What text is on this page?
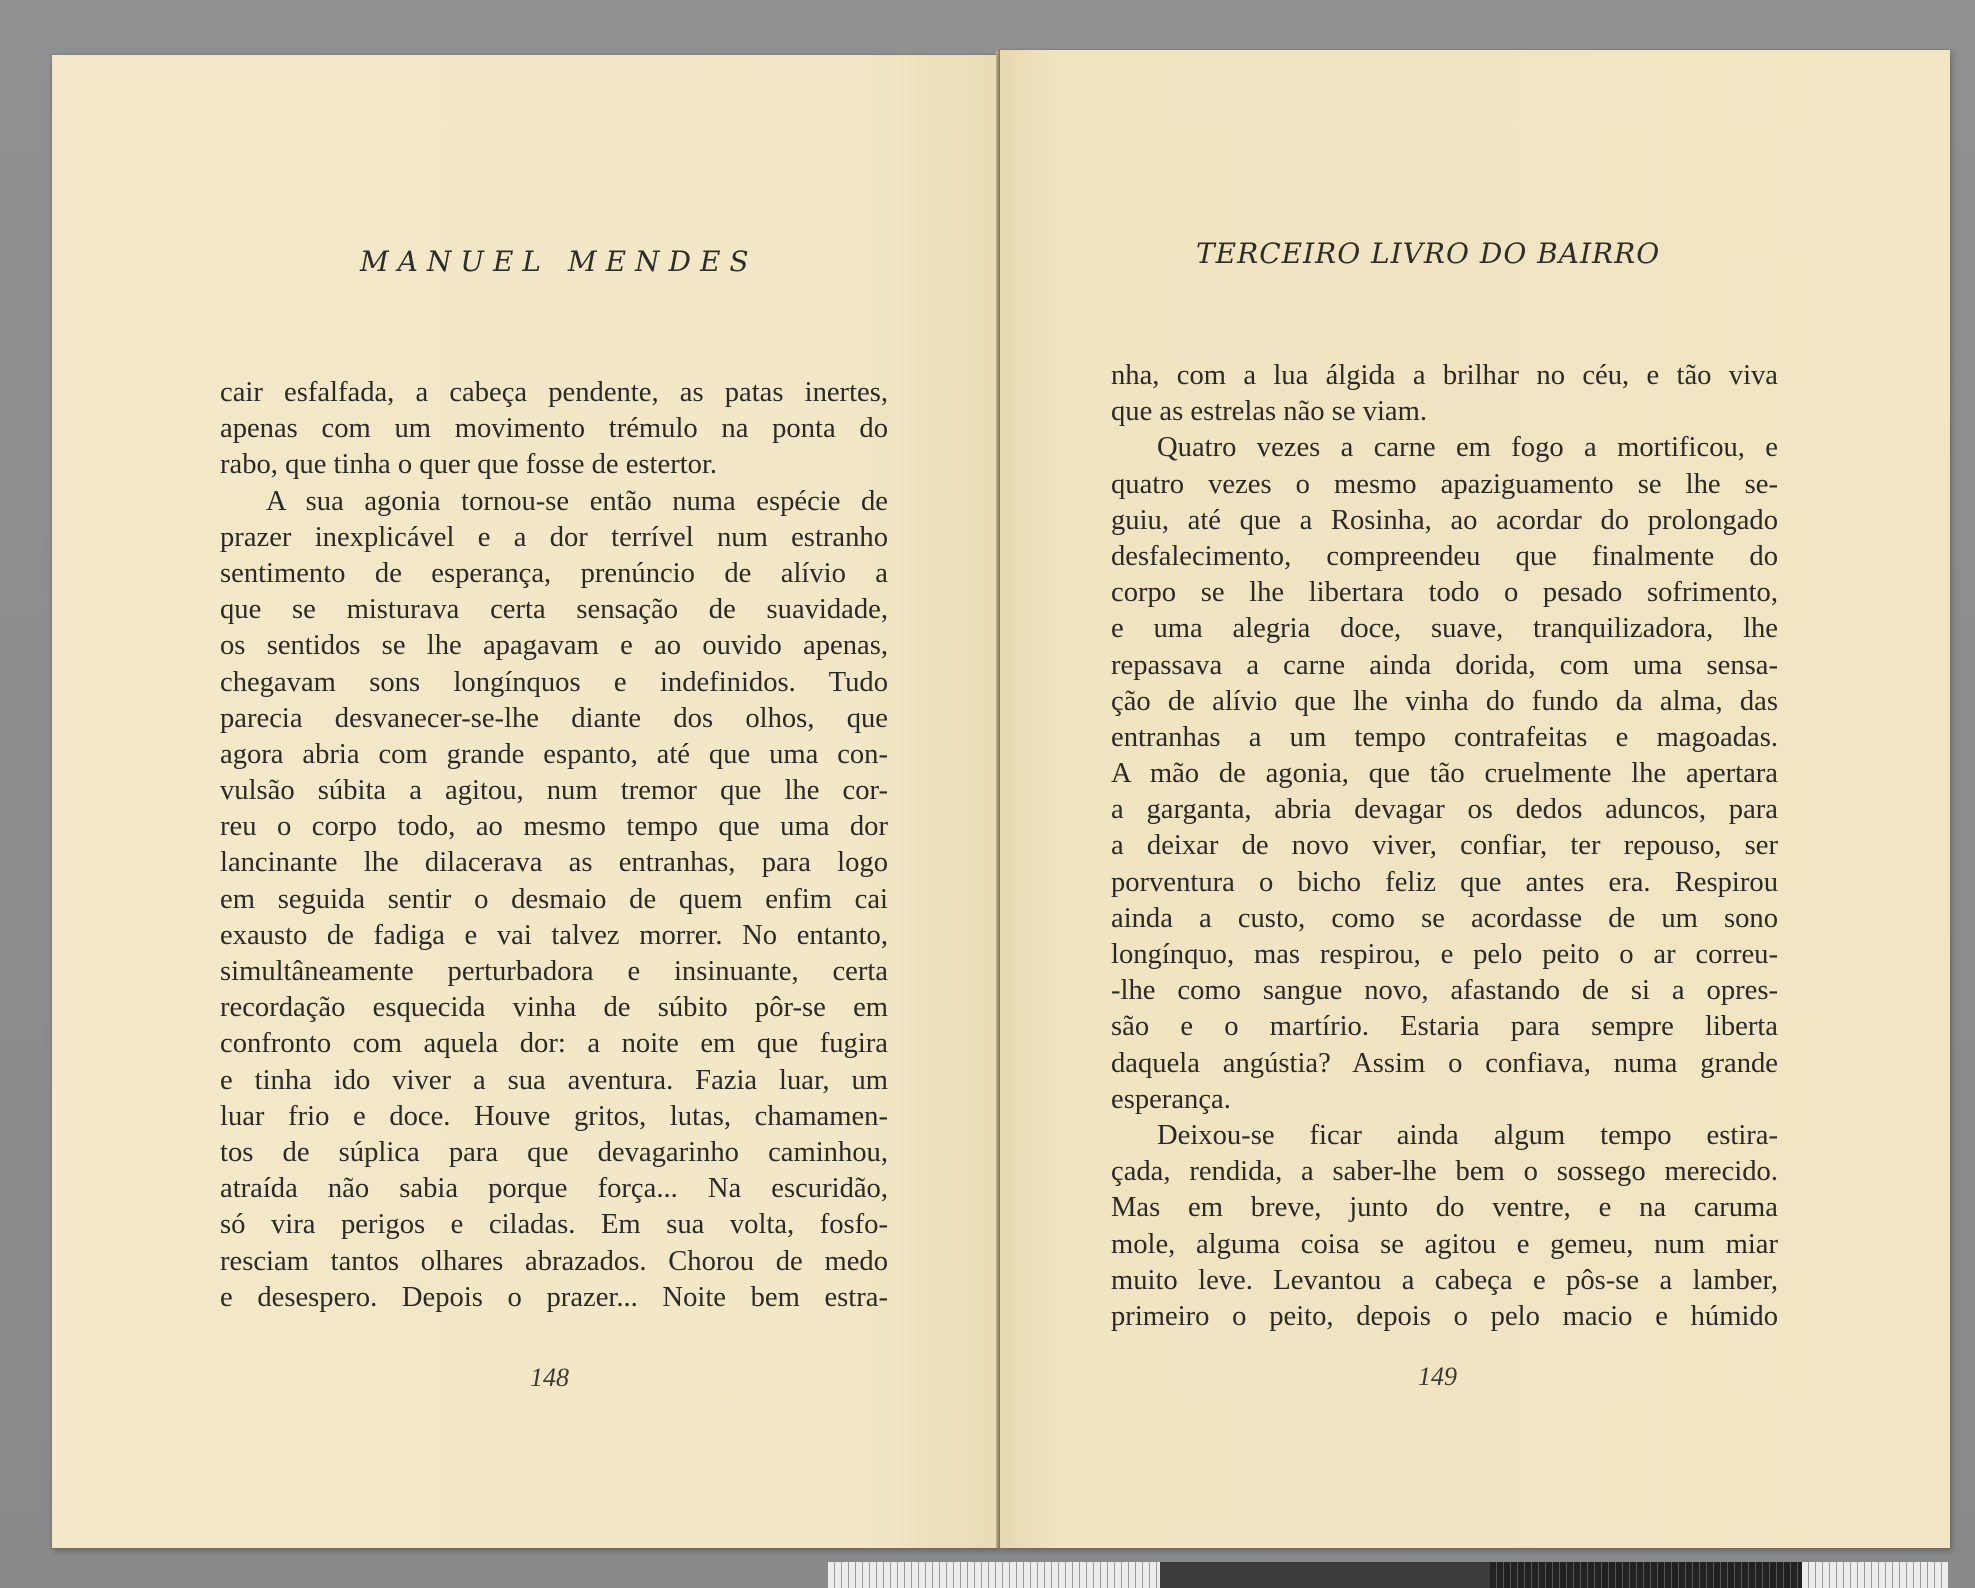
MANUEL MENDES
cair esfalfada, a cabeça pendente, as patas inertes,
apenas com um movimento trémulo na ponta do
rabo, que tinha o quer que fosse de estertor.
A sua agonia tornou-se então numa espécie de
prazer inexplicável e a dor terrível num estranho
sentimento de esperança, prenúncio de alívio a
que se misturava certa sensação de suavidade,
os sentidos se lhe apagavam e ao ouvido apenas,
chegavam sons longínquos e indefinidos. Tudo
parecia desvanecer-se-lhe diante dos olhos, que
agora abria com grande espanto, até que uma con-
vulsão súbita a agitou, num tremor que lhe cor-
reu o corpo todo, ao mesmo tempo que uma dor
lancinante lhe dilacerava as entranhas, para logo
em seguida sentir o desmaio de quem enfim cai
exausto de fadiga e vai talvez morrer. No entanto,
simultâneamente perturbadora e insinuante, certa
recordação esquecida vinha de súbito pôr-se em
confronto com aquela dor: a noite em que fugira
e tinha ido viver a sua aventura. Fazia luar, um
luar frio e doce. Houve gritos, lutas, chamamen-
tos de súplica para que devagarinho caminhou,
atraída não sabia porque força... Na escuridão,
só vira perigos e ciladas. Em sua volta, fosfo-
resciam tantos olhares abrazados. Chorou de medo
e desespero. Depois o prazer... Noite bem estra-
148
TERCEIRO LIVRO DO BAIRRO
nha, com a lua álgida a brilhar no céu, e tão viva
que as estrelas não se viam.
Quatro vezes a carne em fogo a mortificou, e
quatro vezes o mesmo apaziguamento se lhe se-
guiu, até que a Rosinha, ao acordar do prolongado
desfalecimento, compreendeu que finalmente do
corpo se lhe libertara todo o pesado sofrimento,
e uma alegria doce, suave, tranquilizadora, lhe
repassava a carne ainda dorida, com uma sensa-
ção de alívio que lhe vinha do fundo da alma, das
entranhas a um tempo contrafeitas e magoadas.
A mão de agonia, que tão cruelmente lhe apertara
a garganta, abria devagar os dedos aduncos, para
a deixar de novo viver, confiar, ter repouso, ser
porventura o bicho feliz que antes era. Respirou
ainda a custo, como se acordasse de um sono
longínquo, mas respirou, e pelo peito o ar correu-
-lhe como sangue novo, afastando de si a opres-
são e o martírio. Estaria para sempre liberta
daquela angústia? Assim o confiava, numa grande
esperança.
Deixou-se ficar ainda algum tempo estira-
çada, rendida, a saber-lhe bem o sossego merecido.
Mas em breve, junto do ventre, e na caruma
mole, alguma coisa se agitou e gemeu, num miar
muito leve. Levantou a cabeça e pôs-se a lamber,
primeiro o peito, depois o pelo macio e húmido
149
